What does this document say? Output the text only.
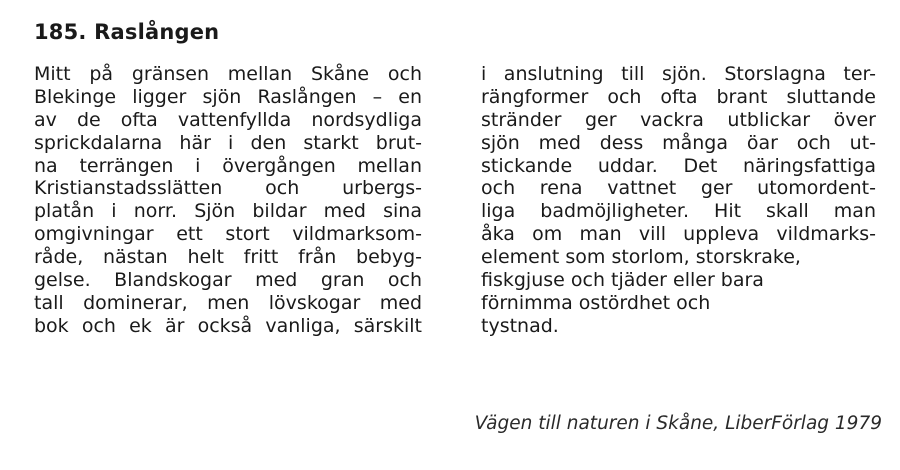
185. Raslången
Mitt på gränsen mellan Skåne och
Blekinge ligger sjön Raslången – en
av de ofta vattenfyllda nordsydliga
sprickdalarna här i den starkt brut-
na terrängen i övergången mellan
Kristianstadsslätten och urbergs-
platån i norr. Sjön bildar med sina
omgivningar ett stort vildmarksom-
råde, nästan helt fritt från bebyg-
gelse. Blandskogar med gran och
tall dominerar, men lövskogar med
bok och ek är också vanliga, särskilt
i anslutning till sjön. Storslagna ter-
rängformer och ofta brant sluttande
stränder ger vackra utblickar över
sjön med dess många öar och ut-
stickande uddar. Det näringsfattiga
och rena vattnet ger utomordent-
liga badmöjligheter. Hit skall man
åka om man vill uppleva vildmarks-
element som storlom, storskrake,
fiskgjuse och tjäder eller bara
förnimma ostördhet och
tystnad.
Vägen till naturen i Skåne, LiberFörlag 1979
